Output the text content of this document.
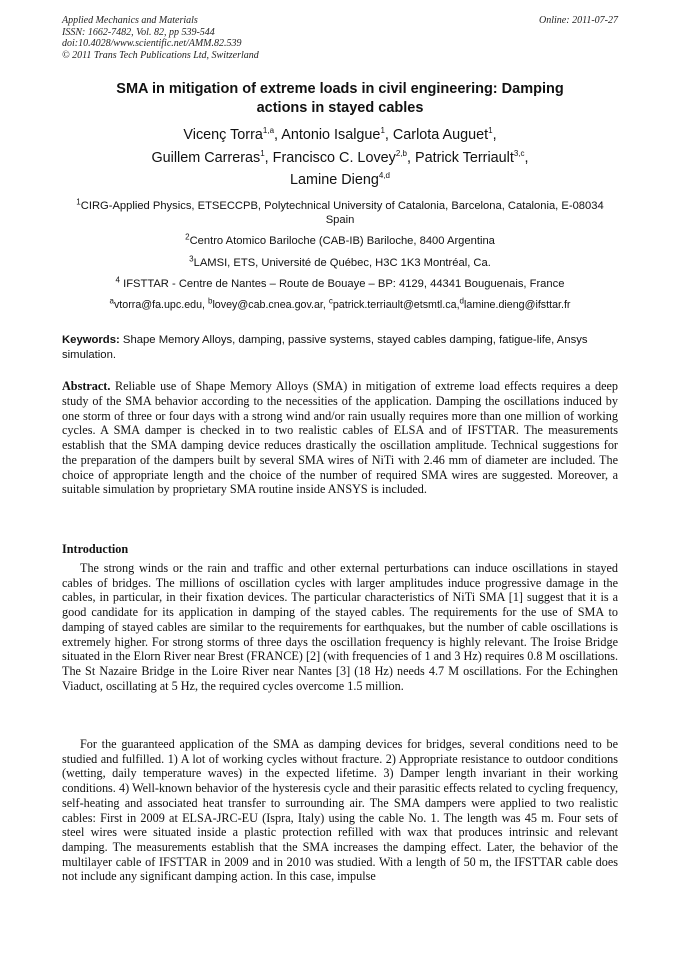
Applied Mechanics and Materials
ISSN: 1662-7482, Vol. 82, pp 539-544
doi:10.4028/www.scientific.net/AMM.82.539
© 2011 Trans Tech Publications Ltd, Switzerland
Online: 2011-07-27
SMA in mitigation of extreme loads in civil engineering: Damping
actions in stayed cables
Vicenç Torra$^{1,a}$, Antonio Isalgue$^1$, Carlota Auguet$^1$,
Guillem Carreras$^1$, Francisco C. Lovey$^{2,b}$, Patrick Terriault$^{3,c}$,
Lamine Dieng$^{4,d}$
$^1$CIRG-Applied Physics, ETSECCPB, Polytechnical University of Catalonia, Barcelona, Catalonia, E-08034 Spain
$^2$Centro Atomico Bariloche (CAB-IB) Bariloche, 8400 Argentina
$^3$LAMSI, ETS, Université de Québec, H3C 1K3 Montréal, Ca.
$^4$ IFSTTAR - Centre de Nantes – Route de Bouaye – BP: 4129, 44341 Bouguenais, France
$^a$vtorra@fa.upc.edu, $^b$lovey@cab.cnea.gov.ar, $^c$patrick.terriault@etsmtl.ca,$^d$lamine.dieng@ifsttar.fr
Keywords: Shape Memory Alloys, damping, passive systems, stayed cables damping, fatigue-life, Ansys simulation.
Abstract. Reliable use of Shape Memory Alloys (SMA) in mitigation of extreme load effects requires a deep study of the SMA behavior according to the necessities of the application. Damping the oscillations induced by one storm of three or four days with a strong wind and/or rain usually requires more than one million of working cycles. A SMA damper is checked in to two realistic cables of ELSA and of IFSTTAR. The measurements establish that the SMA damping device reduces drastically the oscillation amplitude. Technical suggestions for the preparation of the dampers built by several SMA wires of NiTi with 2.46 mm of diameter are included. The choice of appropriate length and the choice of the number of required SMA wires are suggested. Moreover, a suitable simulation by proprietary SMA routine inside ANSYS is included.
Introduction
The strong winds or the rain and traffic and other external perturbations can induce oscillations in stayed cables of bridges. The millions of oscillation cycles with larger amplitudes induce progressive damage in the cables, in particular, in their fixation devices. The particular characteristics of NiTi SMA [1] suggest that it is a good candidate for its application in damping of the stayed cables. The requirements for the use of SMA to damping of stayed cables are similar to the requirements for earthquakes, but the number of cable oscillations is extremely higher. For strong storms of three days the oscillation frequency is highly relevant. The Iroise Bridge situated in the Elorn River near Brest (FRANCE) [2] (with frequencies of 1 and 3 Hz) requires 0.8 M oscillations. The St Nazaire Bridge in the Loire River near Nantes [3] (18 Hz) needs 4.7 M oscillations. For the Echinghen Viaduct, oscillating at 5 Hz, the required cycles overcome 1.5 million.
For the guaranteed application of the SMA as damping devices for bridges, several conditions need to be studied and fulfilled. 1) A lot of working cycles without fracture. 2) Appropriate resistance to outdoor conditions (wetting, daily temperature waves) in the expected lifetime. 3) Damper length invariant in their working conditions. 4) Well-known behavior of the hysteresis cycle and their parasitic effects related to cycling frequency, self-heating and associated heat transfer to surrounding air. The SMA dampers were applied to two realistic cables: First in 2009 at ELSA-JRC-EU (Ispra, Italy) using the cable No. 1. The length was 45 m. Four sets of steel wires were situated inside a plastic protection refilled with wax that produces intrinsic and relevant damping. The measurements establish that the SMA increases the damping effect. Later, the behavior of the multilayer cable of IFSTTAR in 2009 and in 2010 was studied. With a length of 50 m, the IFSTTAR cable does not include any significant damping action. In this case, impulse
